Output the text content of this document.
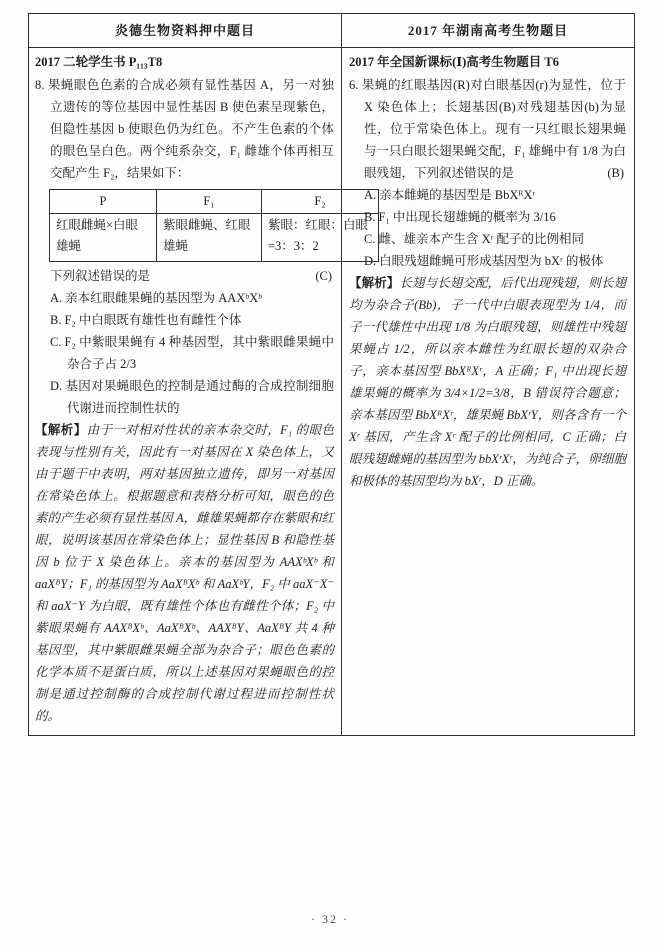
炎德生物资料押中题目	2017 年湖南高考生物题目
2017 二轮学生书 P₁₁₃T8

8. 果蝇眼色色素的合成必须有显性基因 A，另一对独立遗传的等位基因中显性基因 B 使色素呈现紫色，但隐性基因 b 使眼色仍为红色。不产生色素的个体的眼色呈白色。两个纯系杂交，F₁ 雌雄个体再相互交配产生 F₂，结果如下：

P	F₁	F₂
红眼雌蝇×白眼雄蝇	紫眼雌蝇、红眼雄蝇	紫眼：红眼：白眼=3：3：2
下列叙述错误的是	(C)

A. 亲本红眼雌果蝇的基因型为 AAXᵇXᵇ

B. F₂ 中白眼既有雄性也有雌性个体

C. F₂ 中紫眼果蝇有 4 种基因型，其中紫眼雌果蝇中杂合子占 2/3

D. 基因对果蝇眼色的控制是通过酶的合成控制细胞代谢进而控制性状的

【解析】由于一对相对性状的亲本杂交时，F₁ 的眼色表现与性别有关，因此有一对基因在 X 染色体上，又由于题干中表明，两对基因独立遗传，即另一对基因在常染色体上。根据题意和表格分析可知，眼色的色素的产生必须有显性基因 A，雌雄果蝇都存在紫眼和红眼，说明该基因在常染色体上；显性基因 B 和隐性基因 b 位于 X 染色体上。亲本的基因型为 AAXᵇXᵇ 和 aaXᴮY；F₁ 的基因型为 AaXᴮXᵇ 和 AaXᵇY，F₂ 中 aaX⁻X⁻ 和 aaX⁻Y 为白眼，既有雄性个体也有雌性个体；F₂ 中紫眼果蝇有 AAXᴮXᵇ、AaXᴮXᵇ、AAXᴮY、AaXᴮY 共 4 种基因型，其中紫眼雌果蝇全部为杂合子；眼色色素的化学本质不是蛋白质，所以上述基因对果蝇眼色的控制是通过控制酶的合成控制代谢过程进而控制性状的。

2017 年全国新课标(Ⅰ)高考生物题目 T6

6. 果蝇的红眼基因(R)对白眼基因(r)为显性，位于 X 染色体上；长翅基因(B)对残翅基因(b)为显性，位于常染色体上。现有一只红眼长翅果蝇与一只白眼长翅果蝇交配，F₁ 雄蝇中有 1/8 为白眼残翅，下列叙述错误的是	(B)

A. 亲本雌蝇的基因型是 BbXᴿXʳ

B. F₁ 中出现长翅雄蝇的概率为 3/16

C. 雌、雄亲本产生含 Xʳ 配子的比例相同

D. 白眼残翅雌蝇可形成基因型为 bXʳ 的极体

【解析】长翅与长翅交配，后代出现残翅，则长翅均为杂合子(Bb)，子一代中白眼表现型为 1/4，而子一代雄性中出现 1/8 为白眼残翅，则雄性中残翅果蝇占 1/2，所以亲本雌性为红眼长翅的双杂合子，亲本基因型 BbXᴿXʳ，A 正确；F₁ 中出现长翅雄果蝇的概率为 3/4×1/2=3/8，B 错误符合题意；亲本基因型 BbXᴿXʳ，雄果蝇 BbXʳY，则各含有一个 Xʳ 基因，产生含 Xʳ 配子的比例相同，C 正确；白眼残翅雌蝇的基因型为 bbXʳXʳ，为纯合子，卵细胞和极体的基因型均为 bXʳ，D 正确。

· 32 ·
